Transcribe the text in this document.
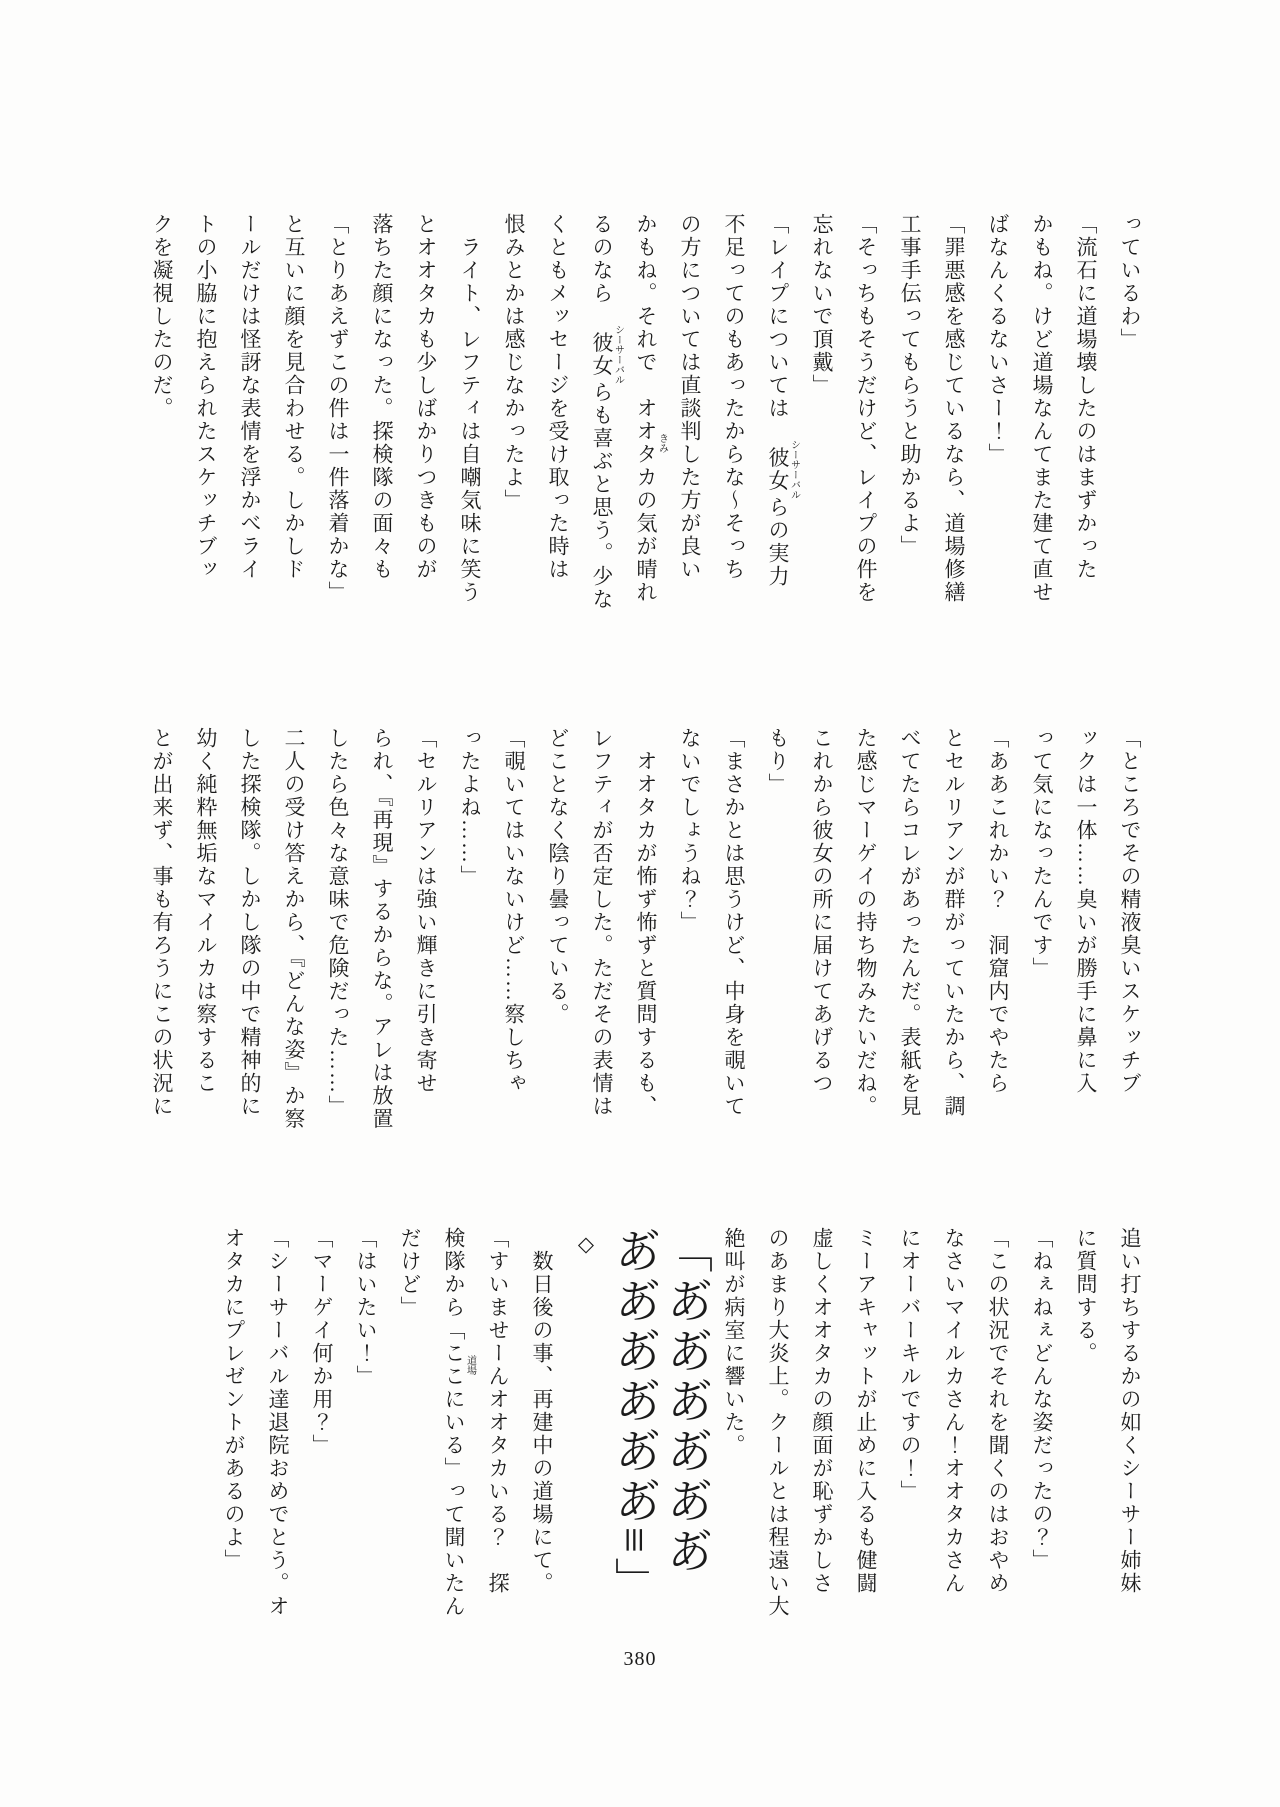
っているわ」

「流石に道場壊したのはまずかった

かもね。けど道場なんてまた建て直せ

ばなんくるないさー！」

「罪悪感を感じているなら、道場修繕

工事手伝ってもらうと助かるよ」

「そっちもそうだけど、レイプの件を

忘れないで頂戴」

「レイプについては　彼女シーサーバルらの実力

不足ってのもあったからな〜そっち

の方については直談判した方が良い

かもね。それで　オオタカきみの気が晴れ

るのなら　彼女シーサーバルらも喜ぶと思う。少な

くともメッセージを受け取った時は

恨みとかは感じなかったよ」

ライト、レフティは自嘲気味に笑う

とオオタカも少しばかりつきものが

落ちた顔になった。探検隊の面々も

「とりあえずこの件は一件落着かな」

と互いに顔を見合わせる。しかしド

ールだけは怪訝な表情を浮かべライ

トの小脇に抱えられたスケッチブッ

クを凝視したのだ。

「ところでその精液臭いスケッチブ

ックは一体……臭いが勝手に鼻に入

って気になったんです」

「ああこれかい？　洞窟内でやたら

とセルリアンが群がっていたから、調

べてたらコレがあったんだ。表紙を見

た感じマーゲイの持ち物みたいだね。

これから彼女の所に届けてあげるつ

もり」

「まさかとは思うけど、中身を覗いて

ないでしょうね？」

オオタカが怖ず怖ずと質問するも、

レフティが否定した。ただその表情は

どことなく陰り曇っている。

「覗いてはいないけど……察しちゃ

ったよね……」

「セルリアンは強い輝きに引き寄せ

られ、『再現』するからな。アレは放置

したら色々な意味で危険だった……」

二人の受け答えから、『どんな姿』か察

した探検隊。しかし隊の中で精神的に

幼く純粋無垢なマイルカは察するこ

とが出来ず、事も有ろうにこの状況に

追い打ちするかの如くシーサー姉妹

に質問する。

「ねぇねぇどんな姿だったの？」

「この状況でそれを聞くのはおやめ

なさいマイルカさん！オオタカさん

にオーバーキルですの！」

ミーアキャットが止めに入るも健闘

虚しくオオタカの顔面が恥ずかしさ

のあまり大炎上。クールとは程遠い大

絶叫が病室に響いた。

「あ゙あ゙あ゙あ゙あ゙あ゙

あ゙あ゙あ゙あ゙あ゙あ゙≡」

◇

数日後の事、再建中の道場にて。

「すいませーんオオタカいる？　探

検隊から「ここ道場にいる」って聞いたん

だけど」

「はいたい！」

「マーゲイ何か用？」

「シーサーバル達退院おめでとう。オ

オタカにプレゼントがあるのよ」

380
